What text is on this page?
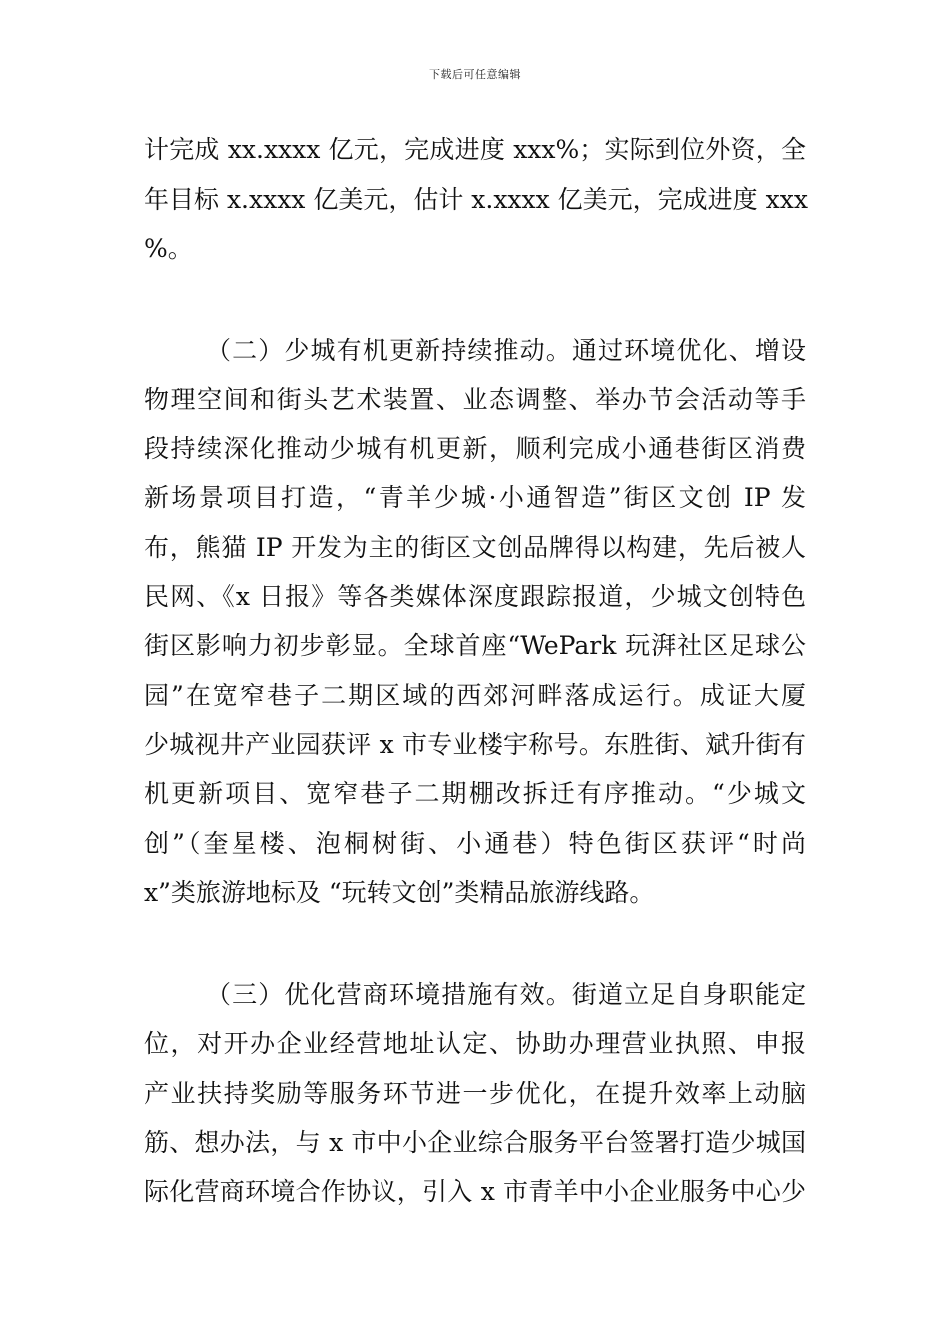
下载后可任意编辑
计完成 xx.xxxx 亿元，完成进度 xxx%；实际到位外资，全
年目标 x.xxxx 亿美元，估计 x.xxxx 亿美元，完成进度 xxx
%。
（二）少城有机更新持续推动。通过环境优化、增设
物理空间和街头艺术装置、业态调整、举办节会活动等手
段持续深化推动少城有机更新，顺利完成小通巷街区消费
新场景项目打造，“青羊少城·小通智造”街区文创 IP 发
布，熊猫 IP 开发为主的街区文创品牌得以构建，先后被人
民网、《x 日报》等各类媒体深度跟踪报道，少城文创特色
街区影响力初步彰显。全球首座“WePark 玩湃社区足球公
园”在宽窄巷子二期区域的西郊河畔落成运行。成证大厦
少城视井产业园获评 x 市专业楼宇称号。东胜街、斌升街有
机更新项目、宽窄巷子二期棚改拆迁有序推动。“少城文
创”（奎星楼、泡桐树街、小通巷）特色街区获评“时尚
x”类旅游地标及 “玩转文创”类精品旅游线路。
（三）优化营商环境措施有效。街道立足自身职能定
位，对开办企业经营地址认定、协助办理营业执照、申报
产业扶持奖励等服务环节进一步优化，在提升效率上动脑
筋、想办法，与 x 市中小企业综合服务平台签署打造少城国
际化营商环境合作协议，引入 x 市青羊中小企业服务中心少
